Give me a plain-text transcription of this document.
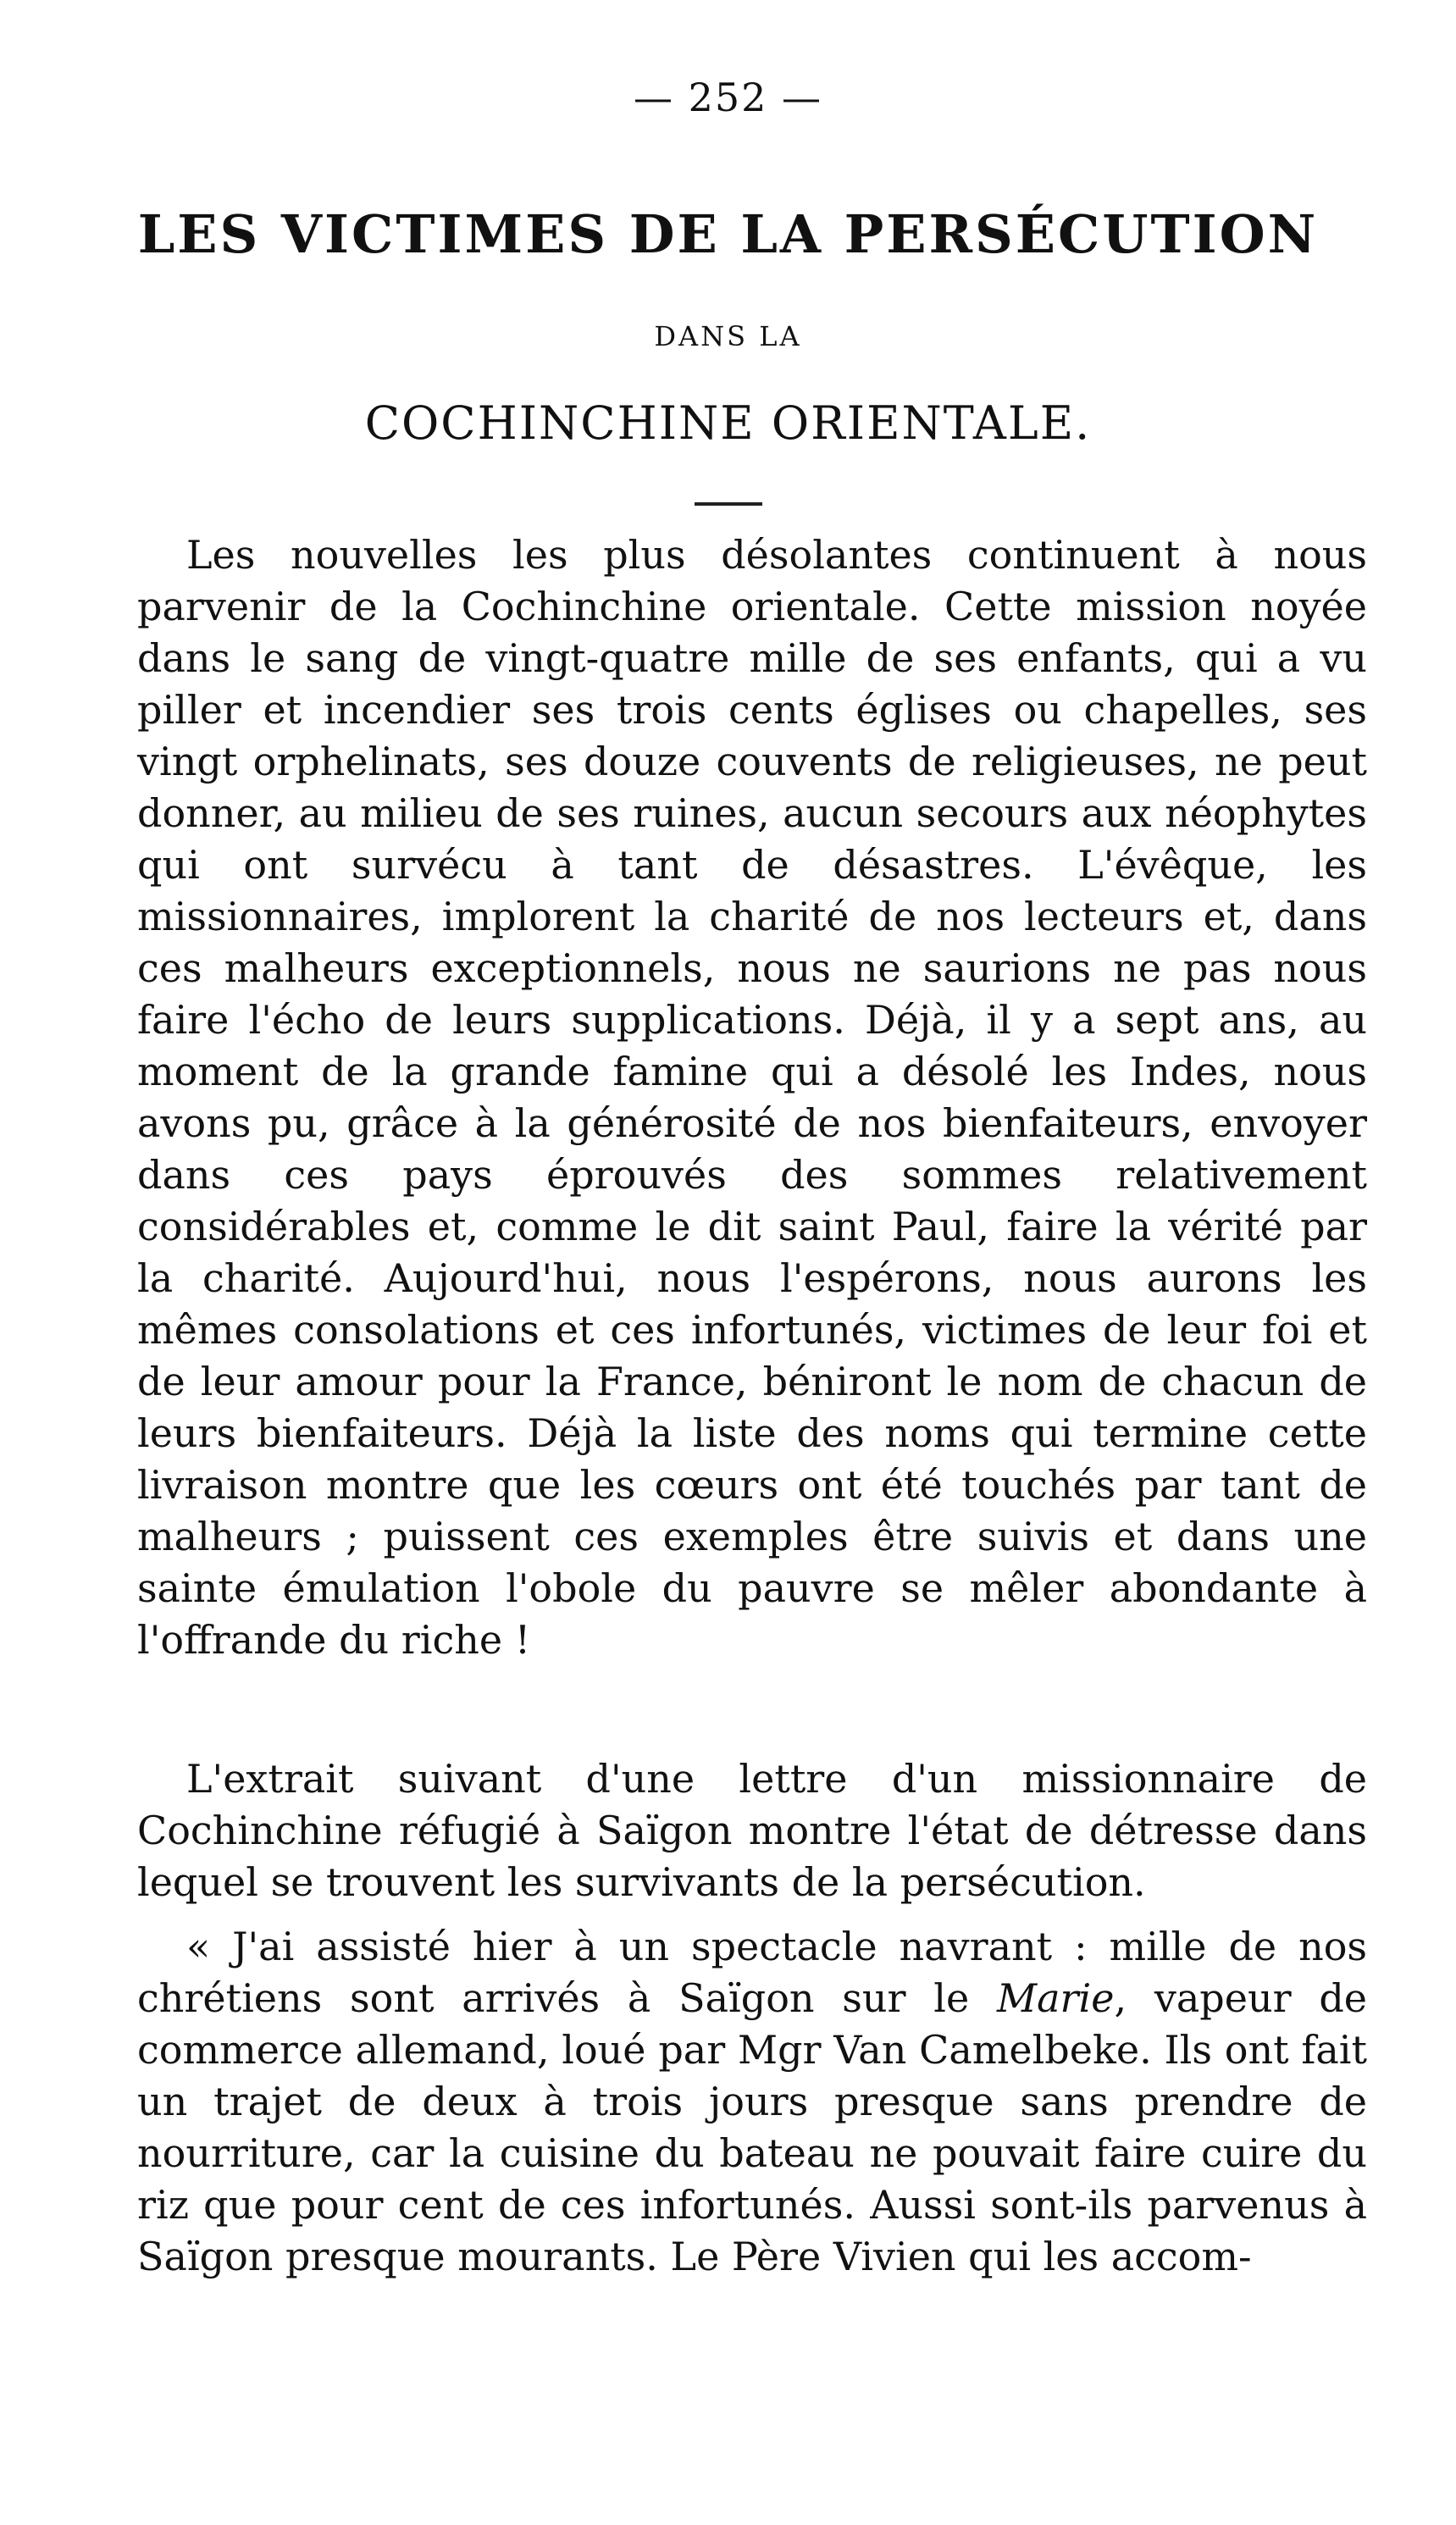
— 252 —
LES VICTIMES DE LA PERSÉCUTION
DANS LA
COCHINCHINE ORIENTALE.

Les nouvelles les plus désolantes continuent à nous parvenir de la Cochinchine orientale. Cette mission noyée dans le sang de vingt-quatre mille de ses enfants, qui a vu piller et incendier ses trois cents églises ou chapelles, ses vingt orphelinats, ses douze couvents de religieuses, ne peut donner, au milieu de ses ruines, aucun secours aux néophytes qui ont survécu à tant de désastres. L'évêque, les missionnaires, implorent la charité de nos lecteurs et, dans ces malheurs exceptionnels, nous ne saurions ne pas nous faire l'écho de leurs supplications. Déjà, il y a sept ans, au moment de la grande famine qui a désolé les Indes, nous avons pu, grâce à la générosité de nos bienfaiteurs, envoyer dans ces pays éprouvés des sommes relativement considérables et, comme le dit saint Paul, faire la vérité par la charité. Aujourd'hui, nous l'espérons, nous aurons les mêmes consolations et ces infortunés, victimes de leur foi et de leur amour pour la France, béniront le nom de chacun de leurs bienfaiteurs. Déjà la liste des noms qui termine cette livraison montre que les cœurs ont été touchés par tant de malheurs ; puissent ces exemples être suivis et dans une sainte émulation l'obole du pauvre se mêler abondante à l'offrande du riche !

L'extrait suivant d'une lettre d'un missionnaire de Cochinchine réfugié à Saïgon montre l'état de détresse dans lequel se trouvent les survivants de la persécution.

« J'ai assisté hier à un spectacle navrant : mille de nos chrétiens sont arrivés à Saïgon sur le Marie, vapeur de commerce allemand, loué par Mgr Van Camelbeke. Ils ont fait un trajet de deux à trois jours presque sans prendre de nourriture, car la cuisine du bateau ne pouvait faire cuire du riz que pour cent de ces infortunés. Aussi sont-ils parvenus à Saïgon presque mourants. Le Père Vivien qui les accom-
